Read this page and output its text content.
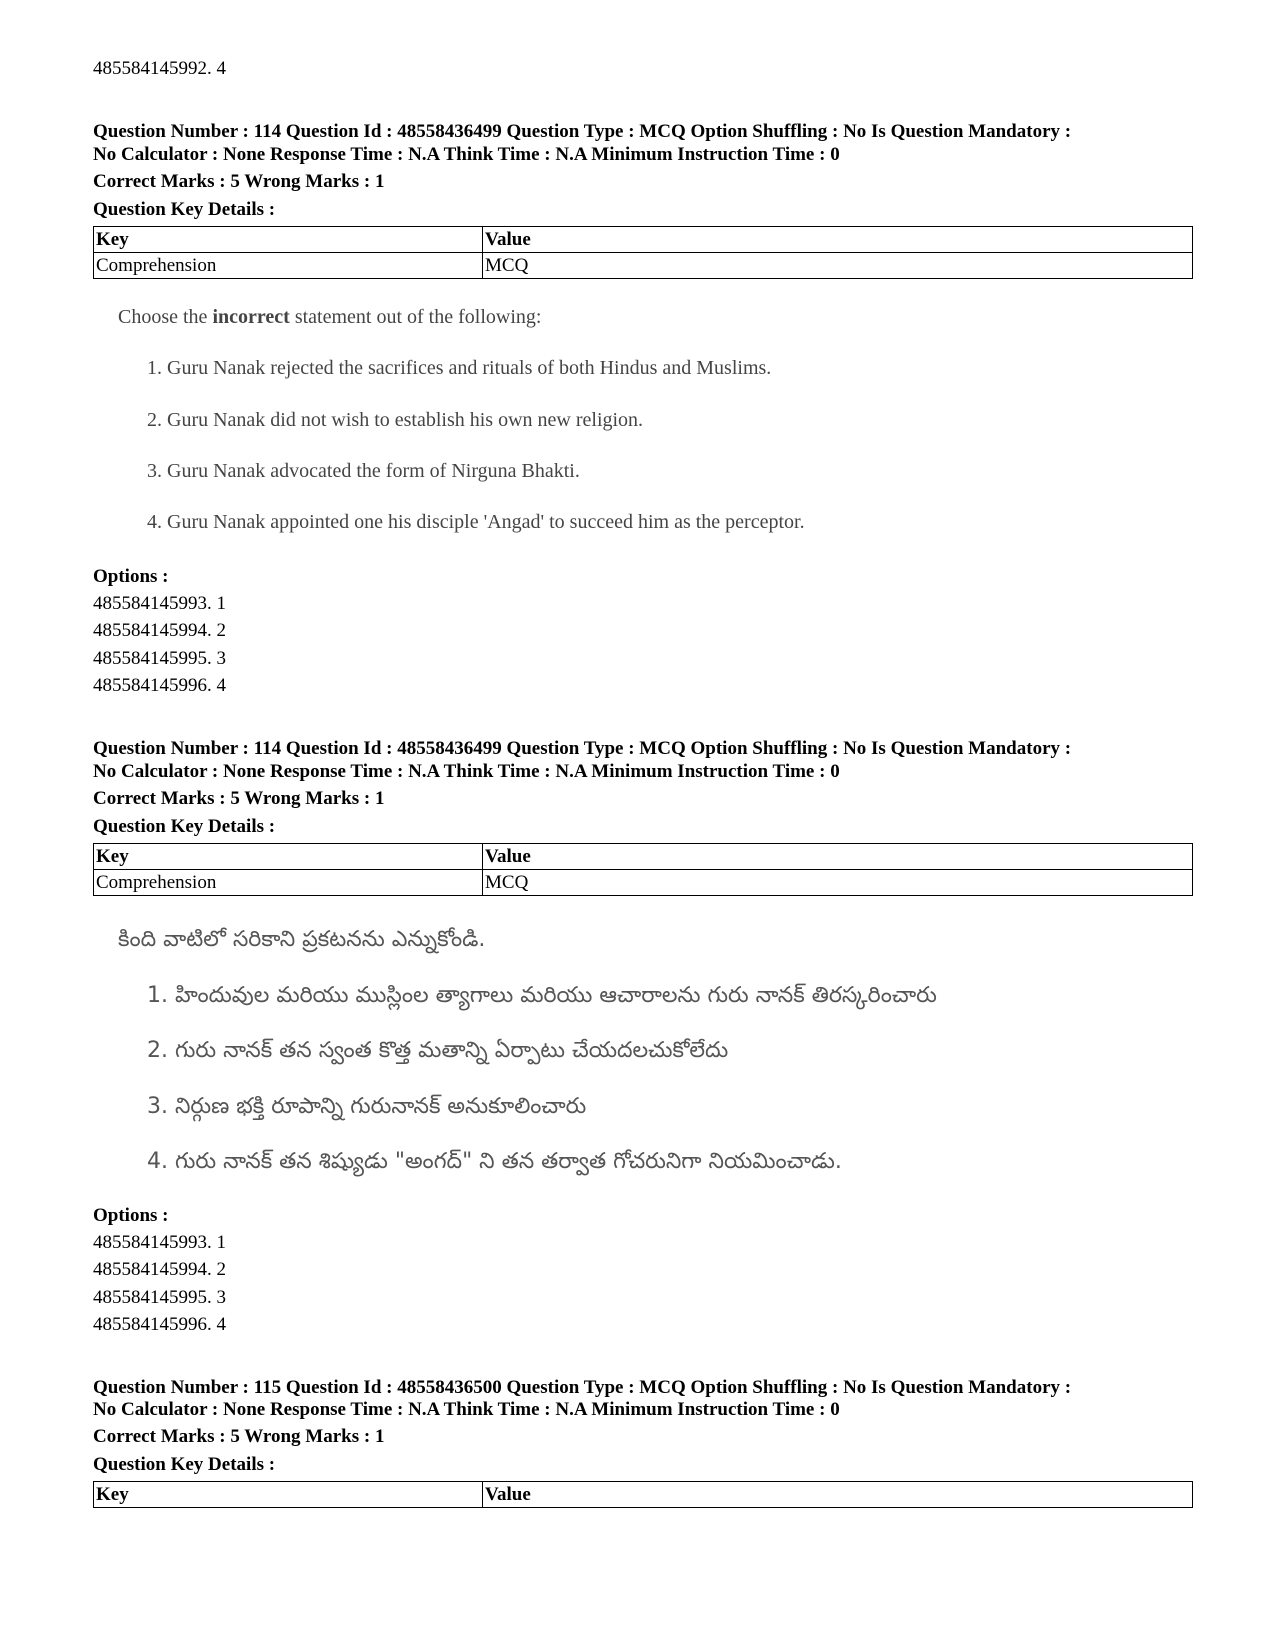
485584145992. 4
Question Number : 114 Question Id : 48558436499 Question Type : MCQ Option Shuffling : No Is Question Mandatory :
No Calculator : None Response Time : N.A Think Time : N.A Minimum Instruction Time : 0
Correct Marks : 5 Wrong Marks : 1
Question Key Details :
Key	Value
Comprehension	MCQ
Choose the incorrect statement out of the following:
1. Guru Nanak rejected the sacrifices and rituals of both Hindus and Muslims.
2. Guru Nanak did not wish to establish his own new religion.
3. Guru Nanak advocated the form of Nirguna Bhakti.
4. Guru Nanak appointed one his disciple 'Angad' to succeed him as the perceptor.
Options :
485584145993. 1
485584145994. 2
485584145995. 3
485584145996. 4
Question Number : 114 Question Id : 48558436499 Question Type : MCQ Option Shuffling : No Is Question Mandatory :
No Calculator : None Response Time : N.A Think Time : N.A Minimum Instruction Time : 0
Correct Marks : 5 Wrong Marks : 1
Question Key Details :
Key	Value
Comprehension	MCQ
కింది వాటిలో సరికాని ప్రకటనను ఎన్నుకోండి.
1. హిందువుల మరియు ముస్లింల త్యాగాలు మరియు ఆచారాలను గురు నానక్ తిరస్కరించారు
2. గురు నానక్ తన స్వంత కొత్త మతాన్ని ఏర్పాటు చేయదలచుకోలేదు
3. నిర్గుణ భక్తి రూపాన్ని గురునానక్ అనుకూలించారు
4. గురు నానక్ తన శిష్యుడు "అంగద్" ని తన తర్వాత గోచరునిగా నియమించాడు.
Options :
485584145993. 1
485584145994. 2
485584145995. 3
485584145996. 4
Question Number : 115 Question Id : 48558436500 Question Type : MCQ Option Shuffling : No Is Question Mandatory :
No Calculator : None Response Time : N.A Think Time : N.A Minimum Instruction Time : 0
Correct Marks : 5 Wrong Marks : 1
Question Key Details :
Key	Value
